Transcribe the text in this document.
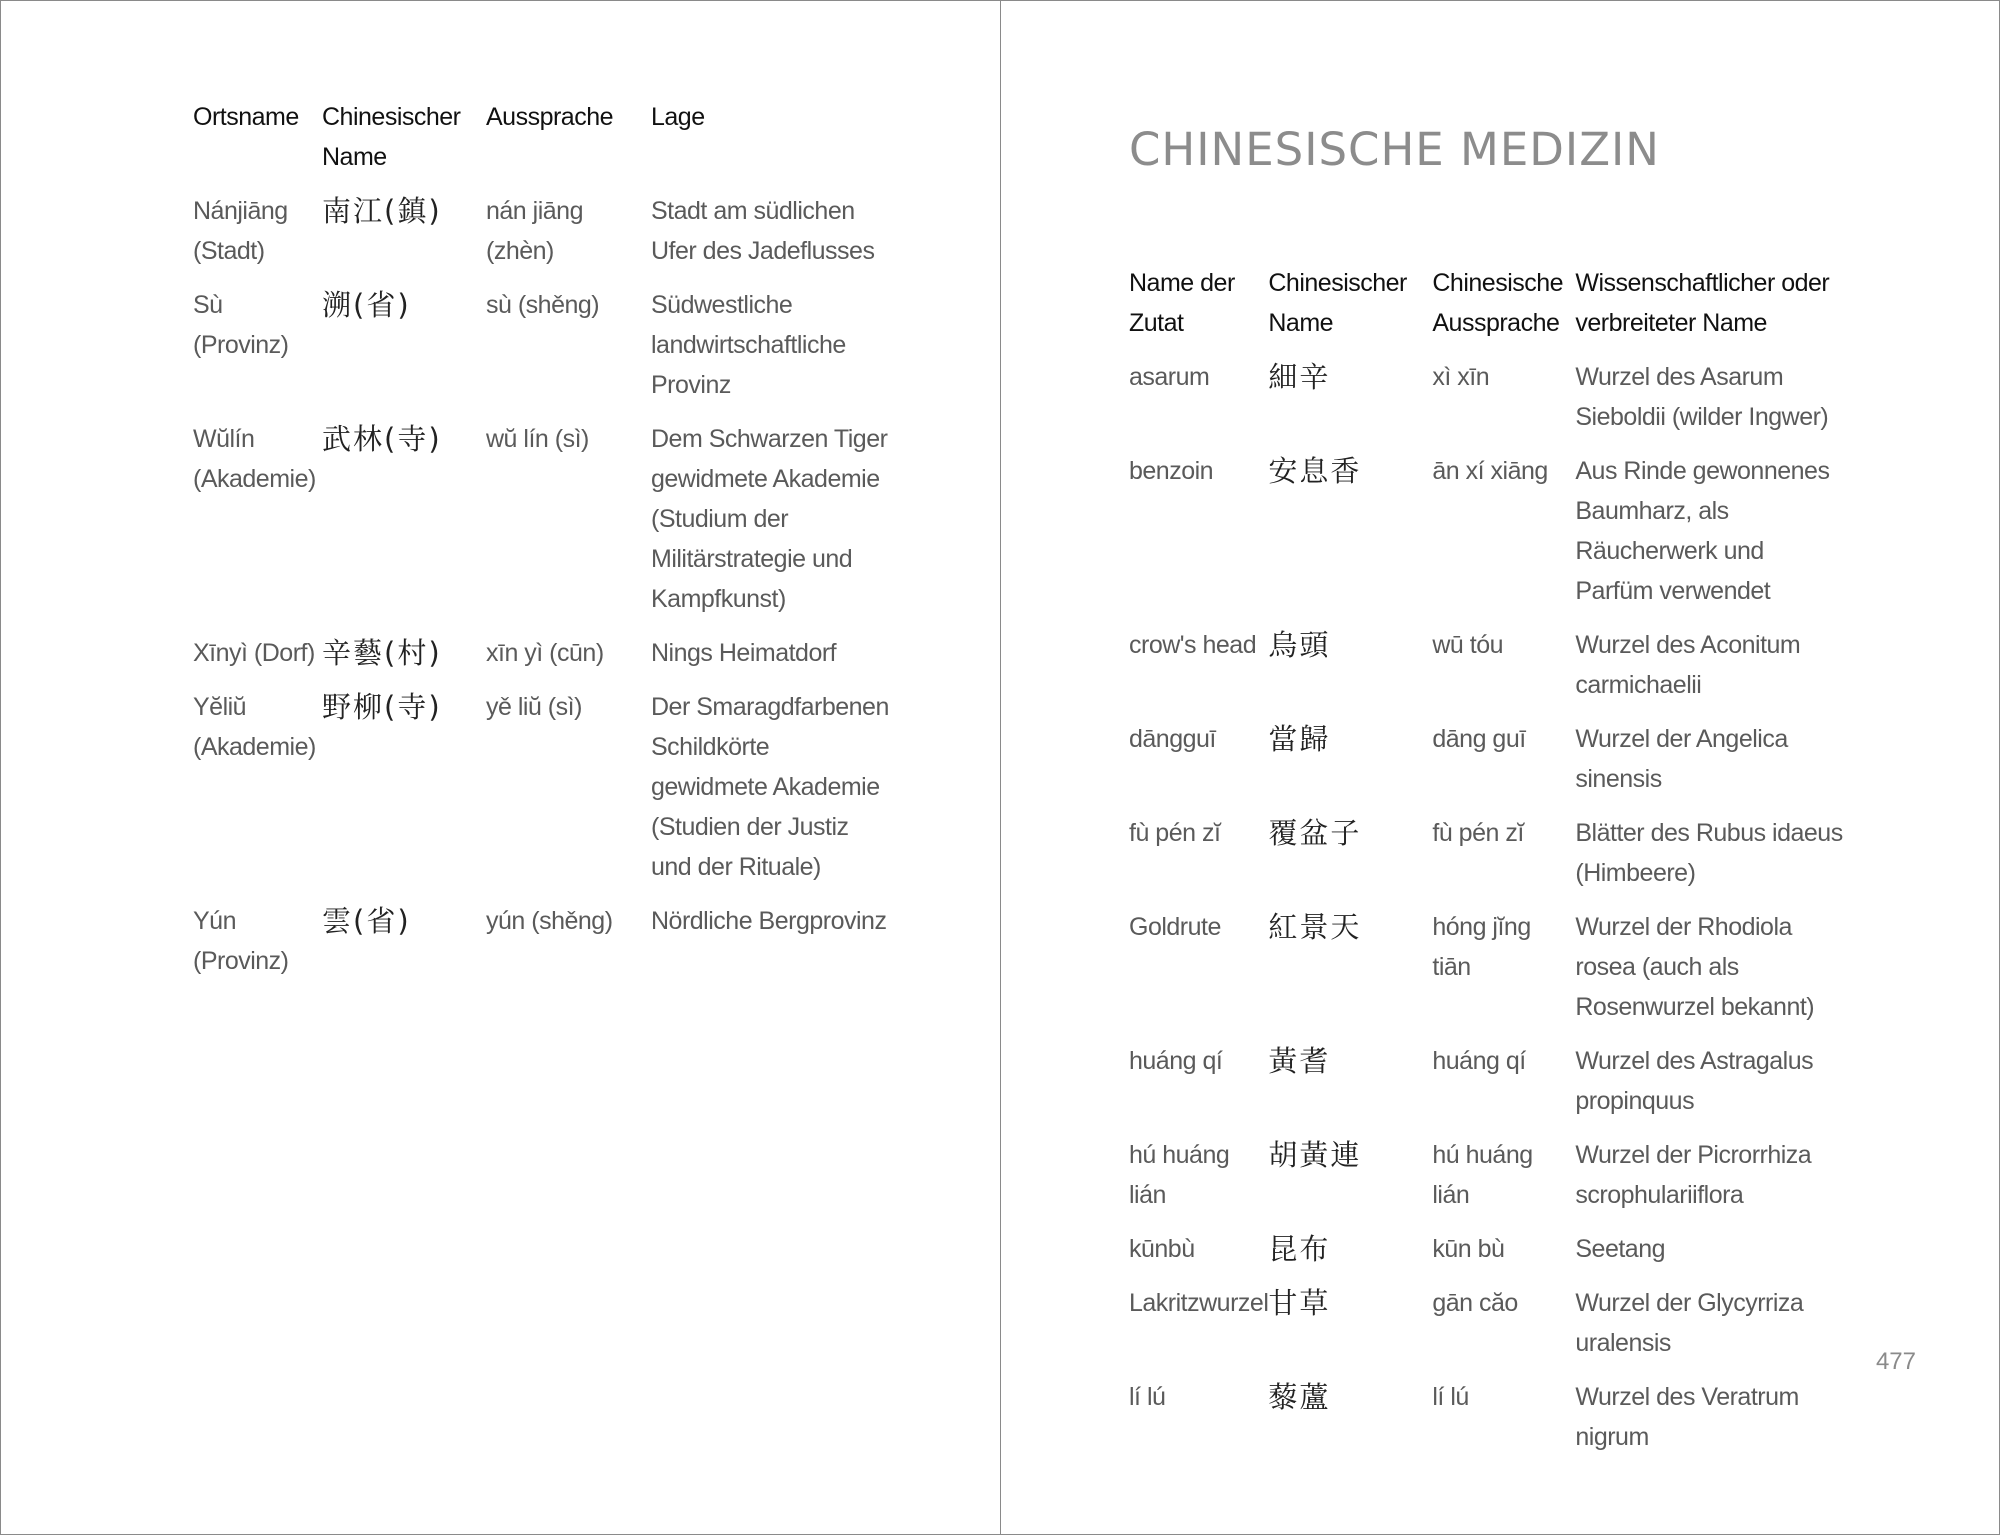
Ortsname	Chinesischer Name	Aussprache	Lage
Nánjiāng (Stadt)	南江(鎮)	nán jiāng (zhèn)	Stadt am südlichen Ufer des Jadeflusses
Sù (Provinz)	溯(省)	sù (shěng)	Südwestliche landwirtschaftliche Provinz
Wŭlín (Akademie)	武林(寺)	wŭ lín (sì)	Dem Schwarzen Tiger gewidmete Akademie (Studium der Militärstrategie und Kampfkunst)
Xīnyì (Dorf)	辛藝(村)	xīn yì (cūn)	Nings Heimatdorf
Yĕliŭ (Akademie)	野柳(寺)	yě liŭ (sì)	Der Smaragdfarbenen Schildkörte gewidmete Akademie (Studien der Justiz und der Rituale)
Yún (Provinz)	雲(省)	yún (shěng)	Nördliche Bergprovinz
CHINESISCHE MEDIZIN
Name der Zutat	Chinesischer Name	Chinesische Aussprache	Wissenschaftlicher oder verbreiteter Name
asarum	細辛	xì xīn	Wurzel des Asarum Sieboldii (wilder Ingwer)
benzoin	安息香	ān xí xiāng	Aus Rinde gewonnenes Baumharz, als Räucherwerk und Parfüm verwendet
crow's head	烏頭	wū tóu	Wurzel des Aconitum carmichaelii
dāngguī	當歸	dāng guī	Wurzel der Angelica sinensis
fù pén zĭ	覆盆子	fù pén zĭ	Blätter des Rubus idaeus (Himbeere)
Goldrute	紅景天	hóng jĭng tiān	Wurzel der Rhodiola rosea (auch als Rosenwurzel bekannt)
huáng qí	黃耆	huáng qí	Wurzel des Astragalus propinquus
hú huáng lián	胡黃連	hú huáng lián	Wurzel der Picrorrhiza scrophulariiflora
kūnbù	昆布	kūn bù	Seetang
Lakritzwurzel	甘草	gān căo	Wurzel der Glycyrriza uralensis
lí lú	藜蘆	lí lú	Wurzel des Veratrum nigrum
477
